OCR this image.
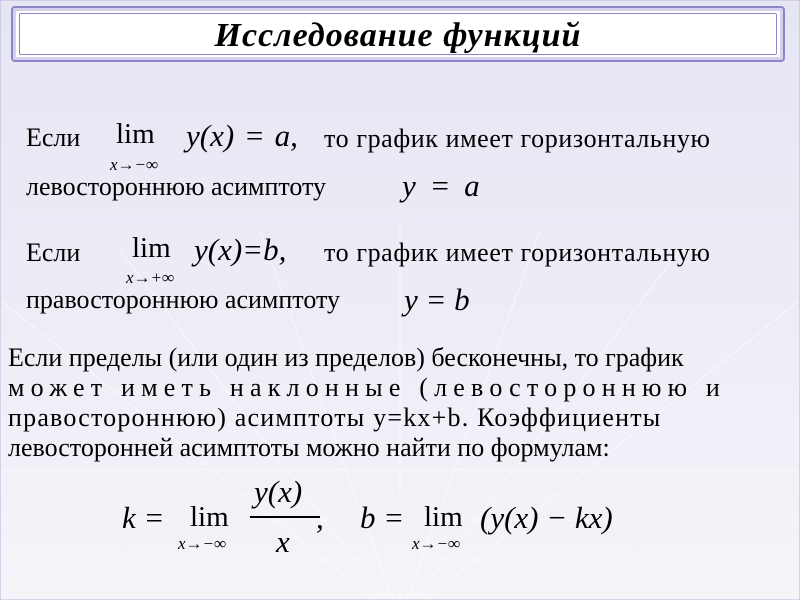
Исследование функций
Если lim
x→−∞
y(x) = a, то график имеет горизонтальную
левостороннюю асимптоту y = a
Если lim
x→+∞
y(x)=b, то график имеет горизонтальную
правостороннюю асимптоту y = b

Если пределы (или один из пределов) бесконечны, то график

может иметь наклонные (левостороннюю и

правостороннюю) асимптоты y=kx+b. Коэффициенты

левосторонней асимптоты можно найти по формулам:

k = lim
x→−∞
y(x)
x
, b = lim
x→−∞
(y(x) − kx)
